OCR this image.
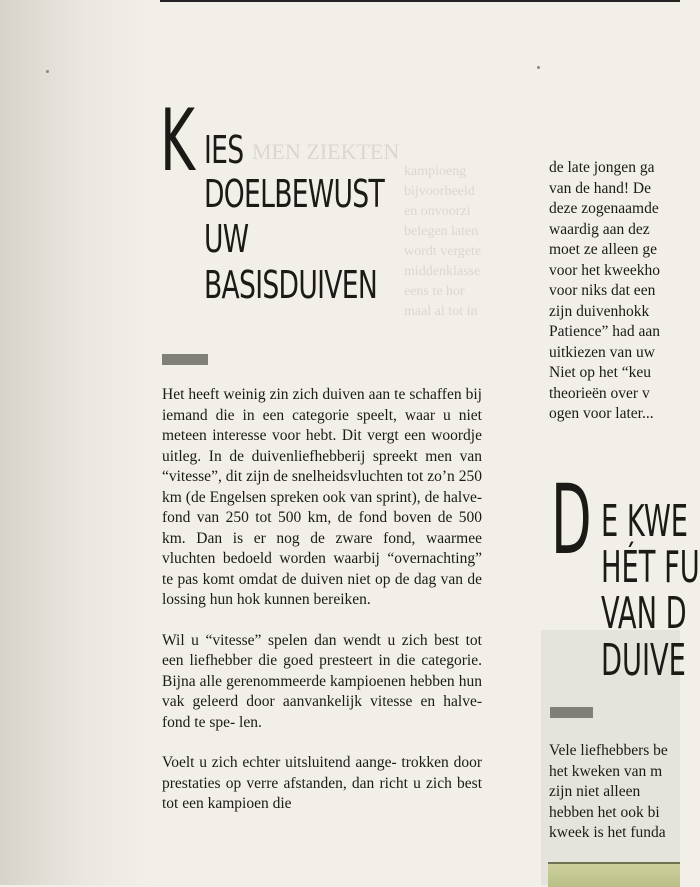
MEN ZIEKTEN
kampioeng
bijvoorbeeld
en onvoorzi
belegen laten
wordt vergete
middenklasse
eens te hor
maal al tot in
K IES
DOELBEWUST
UW
BASISDUIVEN

Het heeft weinig zin zich duiven aan te schaffen bij iemand die in een categorie speelt, waar u niet meteen interesse voor hebt. Dit vergt een woordje uitleg. In de duivenliefhebberij spreekt men van “vitesse”, dit zijn de snelheidsvluchten tot zo’n 250 km (de Engelsen spreken ook van sprint), de halve-fond van 250 tot 500 km, de fond boven de 500 km. Dan is er nog de zware fond, waarmee vluchten bedoeld worden waarbij “overnachting” te pas komt omdat de duiven niet op de dag van de lossing hun hok kunnen bereiken.

Wil u “vitesse” spelen dan wendt u zich best tot een liefhebber die goed presteert in die categorie. Bijna alle gerenommeerde kampioenen hebben hun vak geleerd door aanvankelijk vitesse en halve-fond te spe- len.

Voelt u zich echter uitsluitend aange- trokken door prestaties op verre afstanden, dan richt u zich best tot een kampioen die

de late jongen ga
van de hand! De
deze zogenaamde
waardig aan dez
moet ze alleen ge
voor het kweekho
voor niks dat een
zijn duivenhokk
Patience” had aan
uitkiezen van uw
Niet op het “keu
theorieën over v
ogen voor later...
D E KWE
HÉT FU
VAN D
DUIVE
Vele liefhebbers be
het kweken van m
zijn niet alleen
hebben het ook bi
kweek is het funda
